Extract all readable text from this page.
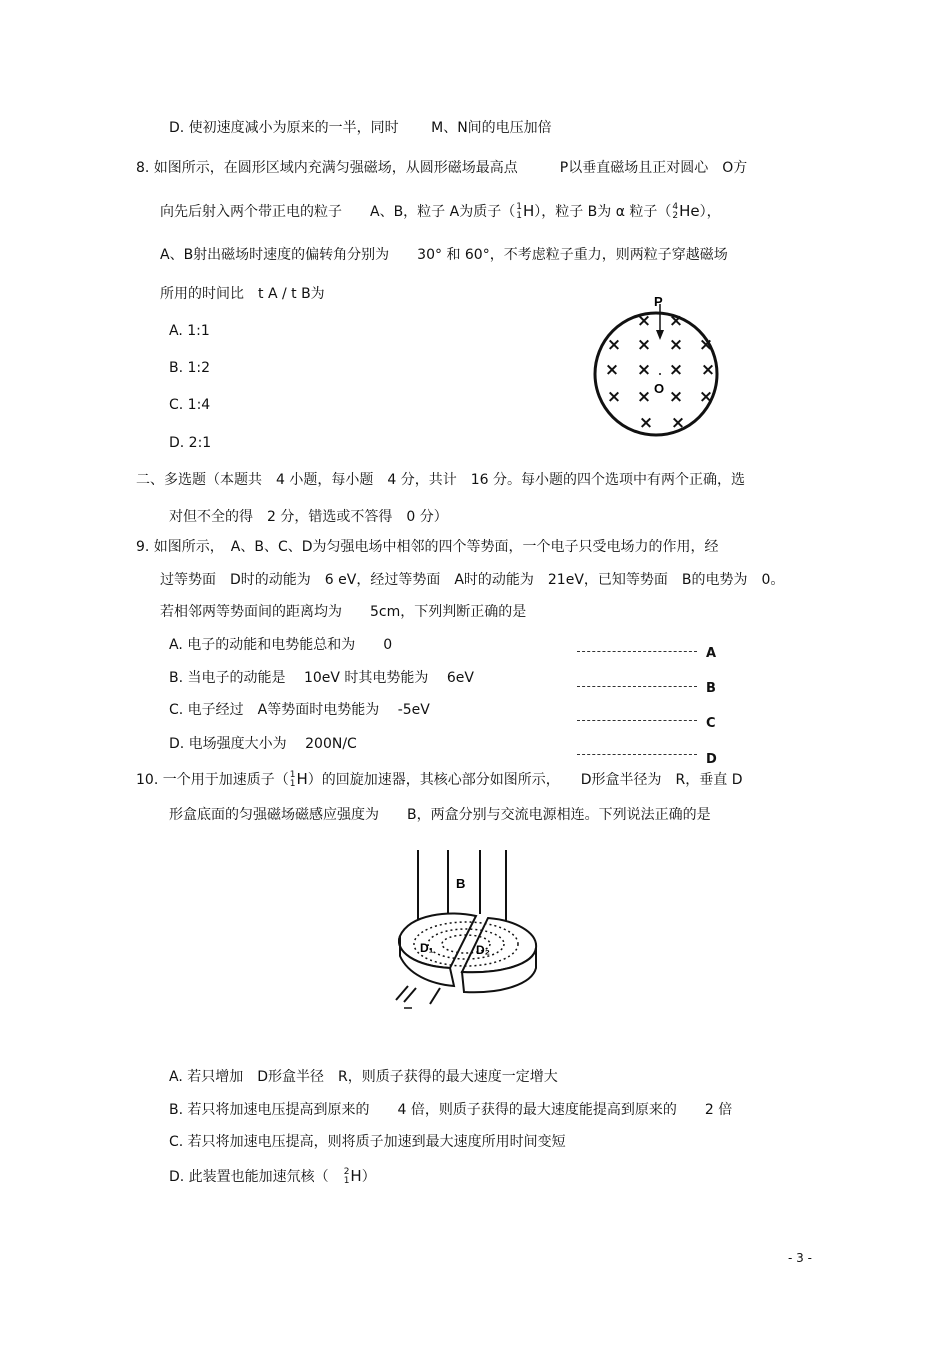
D. 使初速度减小为原来的一半，同时　　 M、N间的电压加倍
8. 如图所示，在圆形区域内充满匀强磁场，从圆形磁场最高点　　　P以垂直磁场且正对圆心　O方
向先后射入两个带正电的粒子　　A、B，粒子 A为质子（ 1
1 H），粒子 B为 α 粒子（ 4
2 He），
A、B射出磁场时速度的偏转角分别为　　30° 和 60°，不考虑粒子重力，则两粒子穿越磁场
所用的时间比　t A / t B为
A. 1:1
B. 1:2
C. 1:4
D. 2:1
P
O
× ×
× × × ×
× × × ×
× × × ×
× ×
二、多选题（本题共　4 小题，每小题　4 分，共计　16 分。每小题的四个选项中有两个正确，选
对但不全的得　2 分，错选或不答得　0 分）
9. 如图所示，　A、B、C、D为匀强电场中相邻的四个等势面，一个电子只受电场力的作用，经
过等势面　D时的动能为　6 eV，经过等势面　A时的动能为　21eV，已知等势面　B的电势为　0。
若相邻两等势面间的距离均为　　5cm，下列判断正确的是
A. 电子的动能和电势能总和为　　0
B. 当电子的动能是　 10eV 时其电势能为　 6eV
C. 电子经过　A等势面时电势能为　 -5eV
D. 电场强度大小为　 200N/C
A
B
C
D
10. 一个用于加速质子（ 1
1 H）的回旋加速器，其核心部分如图所示，　　D形盒半径为　R，垂直 D
形盒底面的匀强磁场磁感应强度为　　B，两盒分别与交流电源相连。下列说法正确的是
B
D₁	D₂
A. 若只增加　D形盒半径　R，则质子获得的最大速度一定增大
B. 若只将加速电压提高到原来的　　4 倍，则质子获得的最大速度能提高到原来的　　2 倍
C. 若只将加速电压提高，则将质子加速到最大速度所用时间变短
D. 此装置也能加速氘核（　 2
1 H）
- 3 -
